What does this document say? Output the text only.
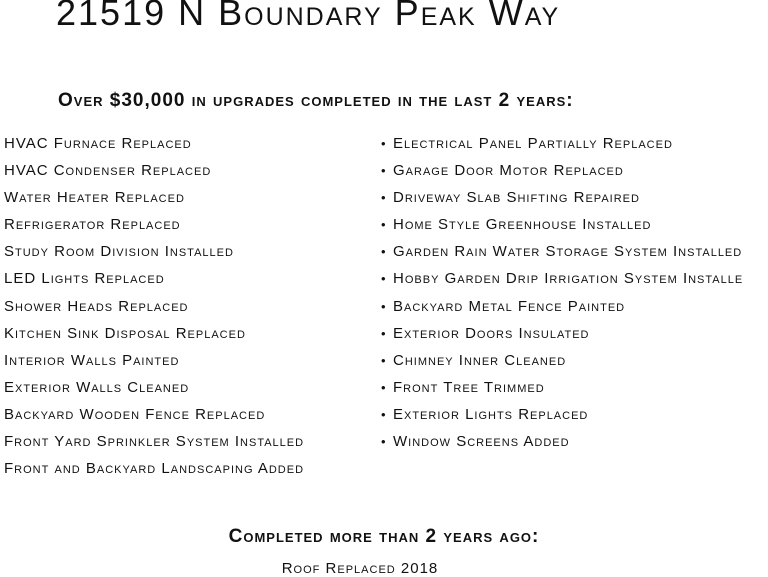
21519 N Boundary Peak Way
Over $30,000 in upgrades completed in the last 2 years:
HVAC Furnace Replaced
HVAC Condenser Replaced
Water Heater Replaced
Refrigerator Replaced
Study Room Division Installed
LED Lights Replaced
Shower Heads Replaced
Kitchen Sink Disposal Replaced
Interior Walls Painted
Exterior Walls Cleaned
Backyard Wooden Fence Replaced
Front Yard Sprinkler System Installed
Front and Backyard Landscaping Added
• Electrical Panel Partially Replaced
• Garage Door Motor Replaced
• Driveway Slab Shifting Repaired
• Home Style Greenhouse Installed
• Garden Rain Water Storage System Installed
• Hobby Garden Drip Irrigation System Installe
• Backyard Metal Fence Painted
• Exterior Doors Insulated
• Chimney Inner Cleaned
• Front Tree Trimmed
• Exterior Lights Replaced
• Window Screens Added
Completed more than 2 years ago:
Roof Replaced 2018
